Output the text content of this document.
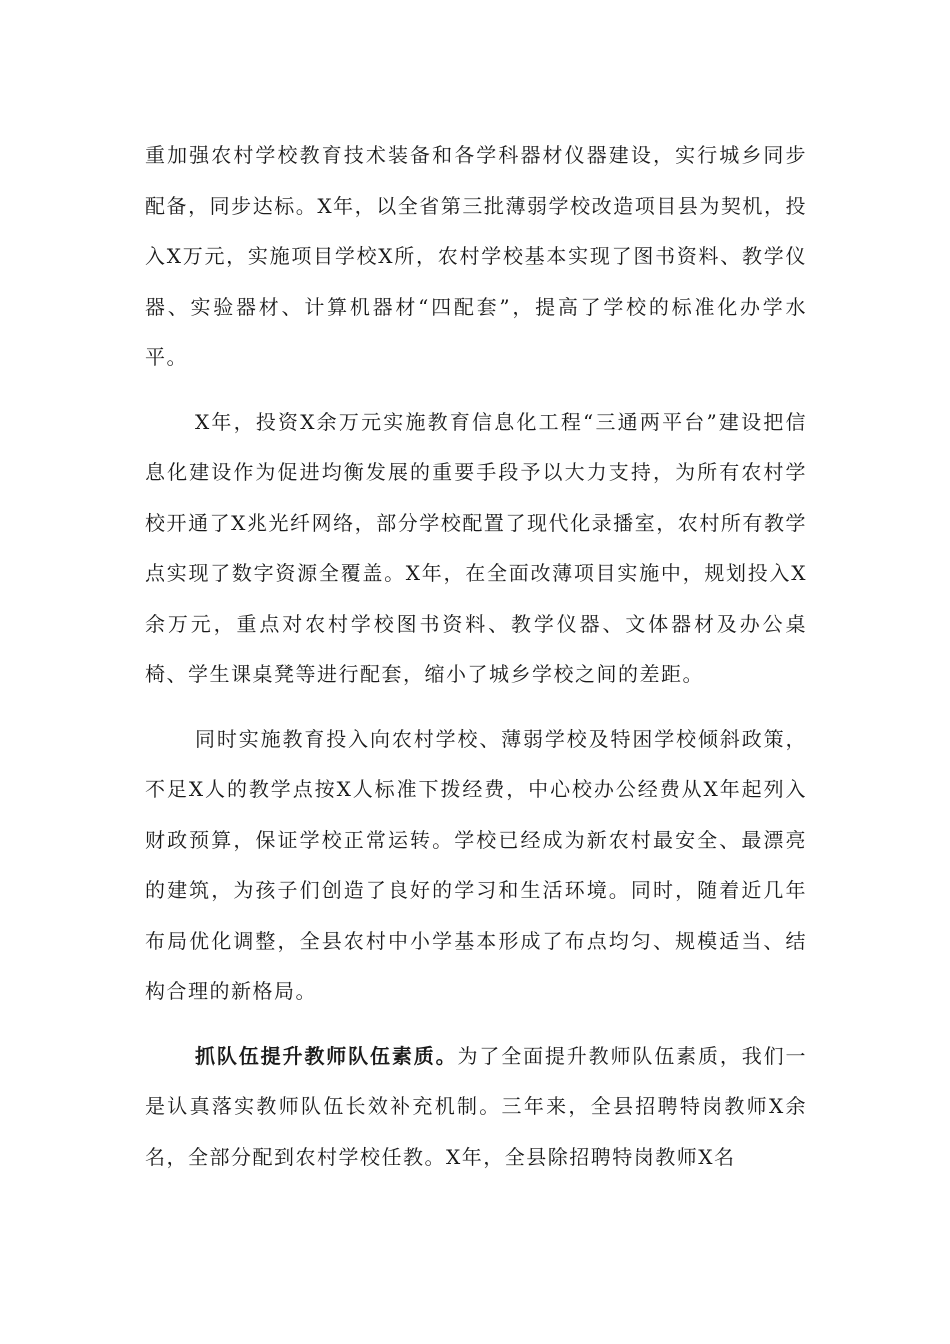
重加强农村学校教育技术装备和各学科器材仪器建设，实行城乡同步配备，同步达标。X年，以全省第三批薄弱学校改造项目县为契机，投入X万元，实施项目学校X所，农村学校基本实现了图书资料、教学仪器、实验器材、计算机器材“四配套”，提高了学校的标准化办学水平。

X年，投资X余万元实施教育信息化工程“三通两平台”建设把信息化建设作为促进均衡发展的重要手段予以大力支持，为所有农村学校开通了X兆光纤网络，部分学校配置了现代化录播室，农村所有教学点实现了数字资源全覆盖。X年，在全面改薄项目实施中，规划投入X余万元，重点对农村学校图书资料、教学仪器、文体器材及办公桌椅、学生课桌凳等进行配套，缩小了城乡学校之间的差距。

同时实施教育投入向农村学校、薄弱学校及特困学校倾斜政策，不足X人的教学点按X人标准下拨经费，中心校办公经费从X年起列入财政预算，保证学校正常运转。学校已经成为新农村最安全、最漂亮的建筑，为孩子们创造了良好的学习和生活环境。同时，随着近几年布局优化调整，全县农村中小学基本形成了布点均匀、规模适当、结构合理的新格局。

抓队伍提升教师队伍素质。为了全面提升教师队伍素质，我们一是认真落实教师队伍长效补充机制。三年来，全县招聘特岗教师X余名，全部分配到农村学校任教。X年，全县除招聘特岗教师X名
